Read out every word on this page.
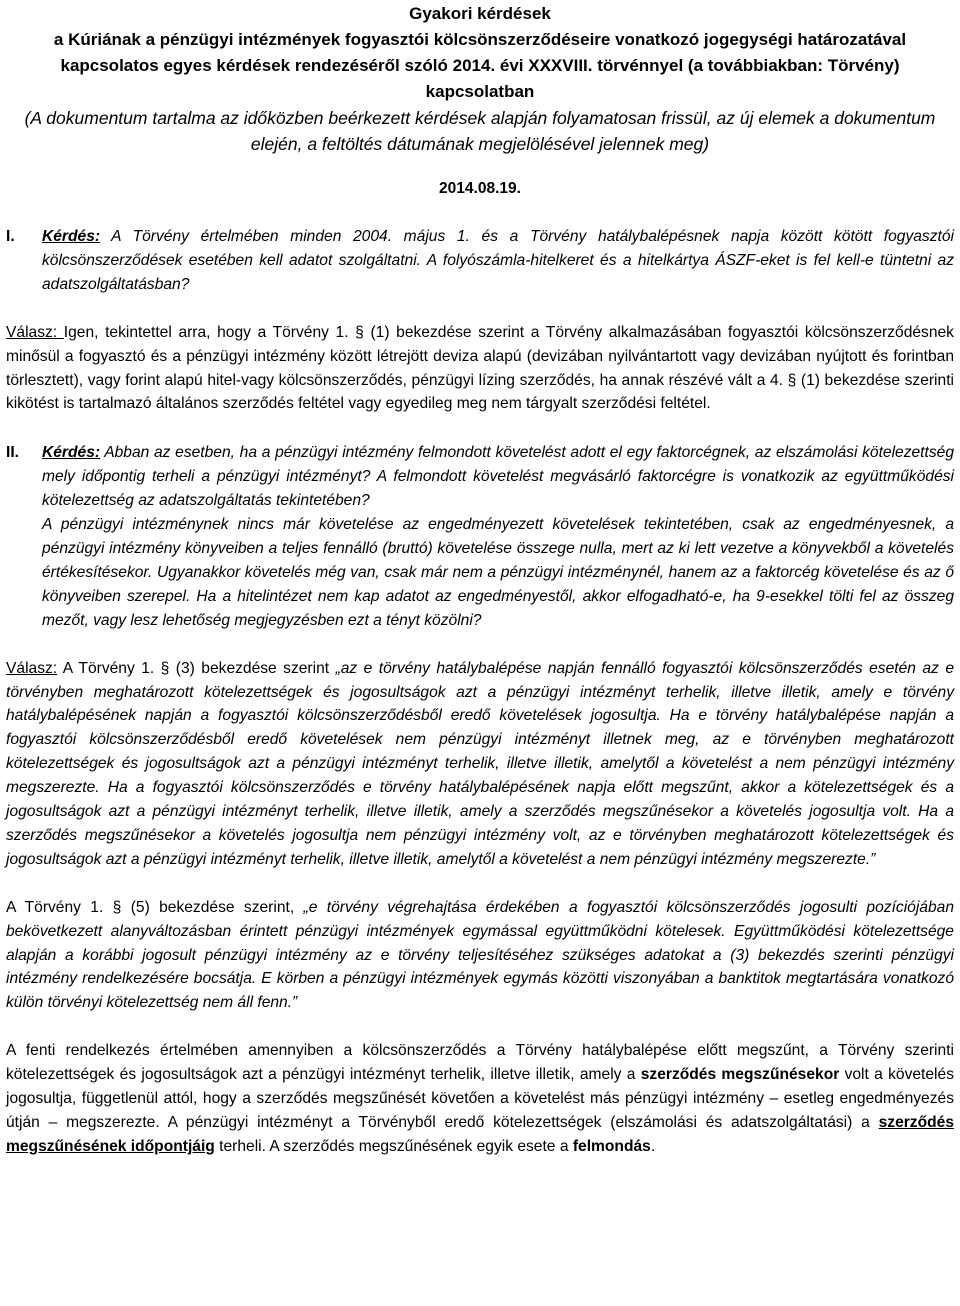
Gyakori kérdések
a Kúriának a pénzügyi intézmények fogyasztói kölcsönszerződéseire vonatkozó jogegységi határozatával
kapcsolatos egyes kérdések rendezéséről szóló 2014. évi XXXVIII. törvénnyel (a továbbiakban: Törvény)
kapcsolatban
(A dokumentum tartalma az időközben beérkezett kérdések alapján folyamatosan frissül, az új elemek a dokumentum elején, a feltöltés dátumának megjelölésével jelennek meg)
2014.08.19.
I.	Kérdés: A Törvény értelmében minden 2004. május 1. és a Törvény hatálybalépésnek napja között kötött fogyasztói kölcsönszerződések esetében kell adatot szolgáltatni. A folyószámla-hitelkeret és a hitelkártya ÁSZF-eket is fel kell-e tüntetni az adatszolgáltatásban?
Válasz: Igen, tekintettel arra, hogy a Törvény 1. § (1) bekezdése szerint a Törvény alkalmazásában fogyasztói kölcsönszerződésnek minősül a fogyasztó és a pénzügyi intézmény között létrejött deviza alapú (devizában nyilvántartott vagy devizában nyújtott és forintban törlesztett), vagy forint alapú hitel-vagy kölcsönszerződés, pénzügyi lízing szerződés, ha annak részévé vált a 4. § (1) bekezdése szerinti kikötést is tartalmazó általános szerződés feltétel vagy egyedileg meg nem tárgyalt szerződési feltétel.
II.	Kérdés: Abban az esetben, ha a pénzügyi intézmény felmondott követelést adott el egy faktorcégnek, az elszámolási kötelezettség mely időpontig terheli a pénzügyi intézményt? A felmondott követelést megvásárló faktorcégre is vonatkozik az együttműködési kötelezettség az adatszolgáltatás tekintetében?
A pénzügyi intézménynek nincs már követelése az engedményezett követelések tekintetében, csak az engedményesnek, a pénzügyi intézmény könyveiben a teljes fennálló (bruttó) követelése összege nulla, mert az ki lett vezetve a könyvekből a követelés értékesítésekor. Ugyanakkor követelés még van, csak már nem a pénzügyi intézménynél, hanem az a faktorcég követelése és az ő könyveiben szerepel. Ha a hitelintézet nem kap adatot az engedményestől, akkor elfogadható-e, ha 9-esekkel tölti fel az összeg mezőt, vagy lesz lehetőség megjegyzésben ezt a tényt közölni?
Válasz: A Törvény 1. § (3) bekezdése szerint „az e törvény hatálybalépése napján fennálló fogyasztói kölcsönszerződés esetén az e törvényben meghatározott kötelezettségek és jogosultságok azt a pénzügyi intézményt terhelik, illetve illetik, amely e törvény hatálybalépésének napján a fogyasztói kölcsönszerződésből eredő követelések jogosultja. Ha e törvény hatálybalépése napján a fogyasztói kölcsönszerződésből eredő követelések nem pénzügyi intézményt illetnek meg, az e törvényben meghatározott kötelezettségek és jogosultságok azt a pénzügyi intézményt terhelik, illetve illetik, amelytől a követelést a nem pénzügyi intézmény megszerezte. Ha a fogyasztói kölcsönszerződés e törvény hatálybalépésének napja előtt megszűnt, akkor a kötelezettségek és a jogosultságok azt a pénzügyi intézményt terhelik, illetve illetik, amely a szerződés megszűnésekor a követelés jogosultja volt. Ha a szerződés megszűnésekor a követelés jogosultja nem pénzügyi intézmény volt, az e törvényben meghatározott kötelezettségek és jogosultságok azt a pénzügyi intézményt terhelik, illetve illetik, amelytől a követelést a nem pénzügyi intézmény megszerezte.”
A Törvény 1. § (5) bekezdése szerint, „e törvény végrehajtása érdekében a fogyasztói kölcsönszerződés jogosulti pozíciójában bekövetkezett alanyváltozásban érintett pénzügyi intézmények egymással együttműködni kötelesek. Együttműködési kötelezettsége alapján a korábbi jogosult pénzügyi intézmény az e törvény teljesítéséhez szükséges adatokat a (3) bekezdés szerinti pénzügyi intézmény rendelkezésére bocsátja. E körben a pénzügyi intézmények egymás közötti viszonyában a banktitok megtartására vonatkozó külön törvényi kötelezettség nem áll fenn.”
A fenti rendelkezés értelmében amennyiben a kölcsönszerződés a Törvény hatálybalépése előtt megszűnt, a Törvény szerinti kötelezettségek és jogosultságok azt a pénzügyi intézményt terhelik, illetve illetik, amely a szerződés megszűnésekor volt a követelés jogosultja, függetlenül attól, hogy a szerződés megszűnését követően a követelést más pénzügyi intézmény – esetleg engedményezés útján – megszerezte. A pénzügyi intézményt a Törvényből eredő kötelezettségek (elszámolási és adatszolgáltatási) a szerződés megszűnésének időpontjáig terheli. A szerződés megszűnésének egyik esete a felmondás.
